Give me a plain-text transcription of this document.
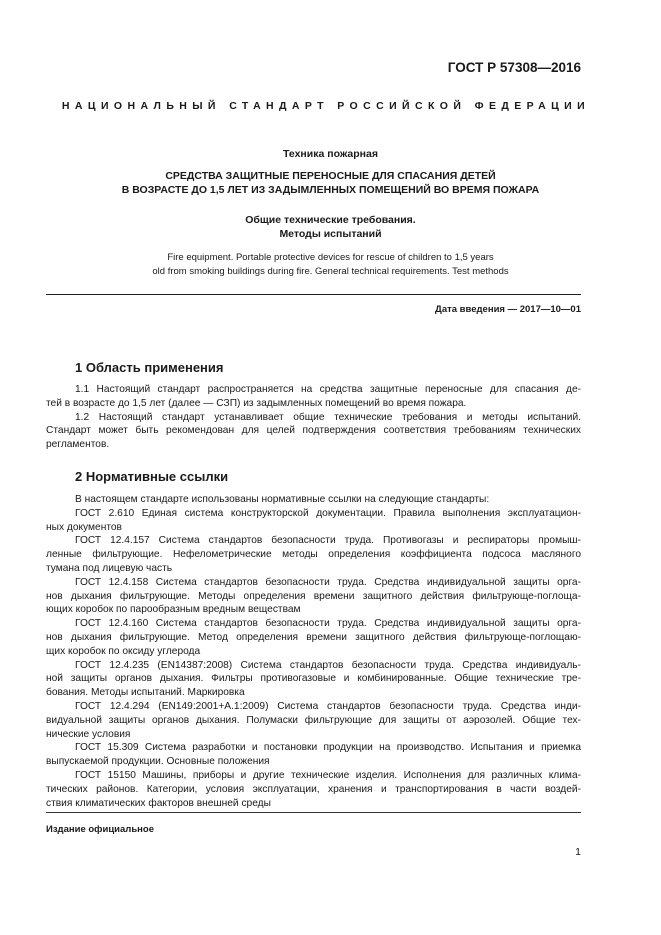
ГОСТ Р 57308—2016
НАЦИОНАЛЬНЫЙ СТАНДАРТ РОССИЙСКОЙ ФЕДЕРАЦИИ
Техника пожарная
СРЕДСТВА ЗАЩИТНЫЕ ПЕРЕНОСНЫЕ ДЛЯ СПАСАНИЯ ДЕТЕЙ
В ВОЗРАСТЕ ДО 1,5 ЛЕТ ИЗ ЗАДЫМЛЕННЫХ ПОМЕЩЕНИЙ ВО ВРЕМЯ ПОЖАРА
Общие технические требования.
Методы испытаний
Fire equipment. Portable protective devices for rescue of children to 1,5 years
old from smoking buildings during fire. General technical requirements. Test methods
Дата введения — 2017—10—01
1 Область применения
1.1 Настоящий стандарт распространяется на средства защитные переносные для спасания де-
тей в возрасте до 1,5 лет (далее — СЗП) из задымленных помещений во время пожара.
1.2 Настоящий стандарт устанавливает общие технические требования и методы испытаний.
Стандарт может быть рекомендован для целей подтверждения соответствия требованиям технических
регламентов.
2 Нормативные ссылки
В настоящем стандарте использованы нормативные ссылки на следующие стандарты:
ГОСТ 2.610 Единая система конструкторской документации. Правила выполнения эксплуатацион-
ных документов
ГОСТ 12.4.157 Система стандартов безопасности труда. Противогазы и респираторы промыш-
ленные фильтрующие. Нефелометрические методы определения коэффициента подсоса масляного
тумана под лицевую часть
ГОСТ 12.4.158 Система стандартов безопасности труда. Средства индивидуальной защиты орга-
нов дыхания фильтрующие. Методы определения времени защитного действия фильтрующе-поглоща-
ющих коробок по парообразным вредным веществам
ГОСТ 12.4.160 Система стандартов безопасности труда. Средства индивидуальной защиты орга-
нов дыхания фильтрующие. Метод определения времени защитного действия фильтрующе-поглощаю-
щих коробок по оксиду углерода
ГОСТ 12.4.235 (EN14387:2008) Система стандартов безопасности труда. Средства индивидуаль-
ной защиты органов дыхания. Фильтры противогазовые и комбинированные. Общие технические тре-
бования. Методы испытаний. Маркировка
ГОСТ 12.4.294 (EN149:2001+A.1:2009) Система стандартов безопасности труда. Средства инди-
видуальной защиты органов дыхания. Полумаски фильтрующие для защиты от аэрозолей. Общие тех-
нические условия
ГОСТ 15.309 Система разработки и постановки продукции на производство. Испытания и приемка
выпускаемой продукции. Основные положения
ГОСТ 15150 Машины, приборы и другие технические изделия. Исполнения для различных клима-
тических районов. Категории, условия эксплуатации, хранения и транспортирования в части воздей-
ствия климатических факторов внешней среды
Издание официальное
1
